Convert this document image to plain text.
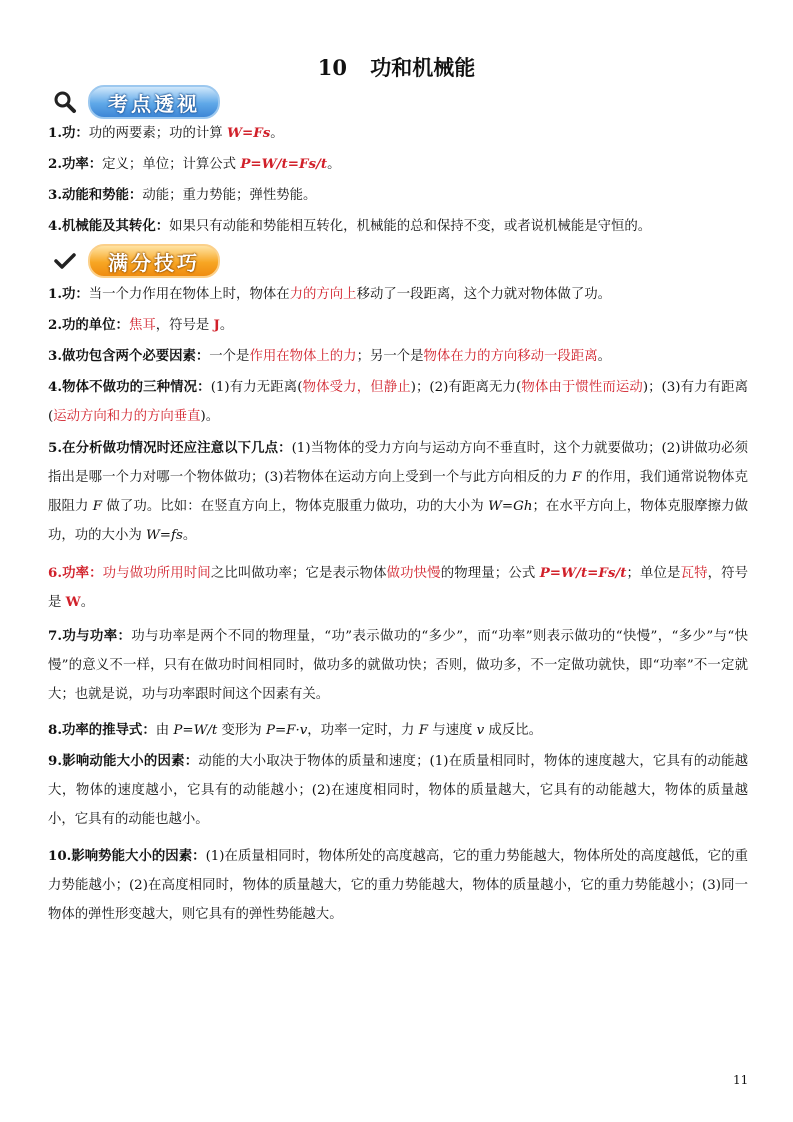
10 功和机械能
考点透视
1.功：功的两要素；功的计算 W=Fs。
2.功率：定义；单位；计算公式 P=W/t=Fs/t。
3.动能和势能：动能；重力势能；弹性势能。
4.机械能及其转化：如果只有动能和势能相互转化，机械能的总和保持不变，或者说机械能是守恒的。
满分技巧
1.功：当一个力作用在物体上时，物体在力的方向上移动了一段距离，这个力就对物体做了功。
2.功的单位：焦耳，符号是 J。
3.做功包含两个必要因素：一个是作用在物体上的力；另一个是物体在力的方向移动一段距离。
4.物体不做功的三种情况：(1)有力无距离(物体受力，但静止)；(2)有距离无力(物体由于惯性而运动)；(3)有力有距离(运动方向和力的方向垂直)。
5.在分析做功情况时还应注意以下几点：(1)当物体的受力方向与运动方向不垂直时，这个力就要做功；(2)讲做功必须指出是哪一个力对哪一个物体做功；(3)若物体在运动方向上受到一个与此方向相反的力 F 的作用，我们通常说物体克服阻力 F 做了功。比如：在竖直方向上，物体克服重力做功，功的大小为 W=Gh；在水平方向上，物体克服摩擦力做功，功的大小为 W=fs。
6.功率：功与做功所用时间之比叫做功率；它是表示物体做功快慢的物理量；公式 P=W/t=Fs/t；单位是瓦特，符号是 W。
7.功与功率：功与功率是两个不同的物理量，“功”表示做功的“多少”，而“功率”则表示做功的“快慢”，“多少”与“快慢”的意义不一样，只有在做功时间相同时，做功多的就做功快；否则，做功多，不一定做功就快，即“功率”不一定就大；也就是说，功与功率跟时间这个因素有关。
8.功率的推导式：由 P=W/t 变形为 P=F·v，功率一定时，力 F 与速度 v 成反比。
9.影响动能大小的因素：动能的大小取决于物体的质量和速度；(1)在质量相同时，物体的速度越大，它具有的动能越大，物体的速度越小，它具有的动能越小；(2)在速度相同时，物体的质量越大，它具有的动能越大，物体的质量越小，它具有的动能也越小。
10.影响势能大小的因素：(1)在质量相同时，物体所处的高度越高，它的重力势能越大，物体所处的高度越低，它的重力势能越小；(2)在高度相同时，物体的质量越大，它的重力势能越大，物体的质量越小，它的重力势能越小；(3)同一物体的弹性形变越大，则它具有的弹性势能越大。
11
